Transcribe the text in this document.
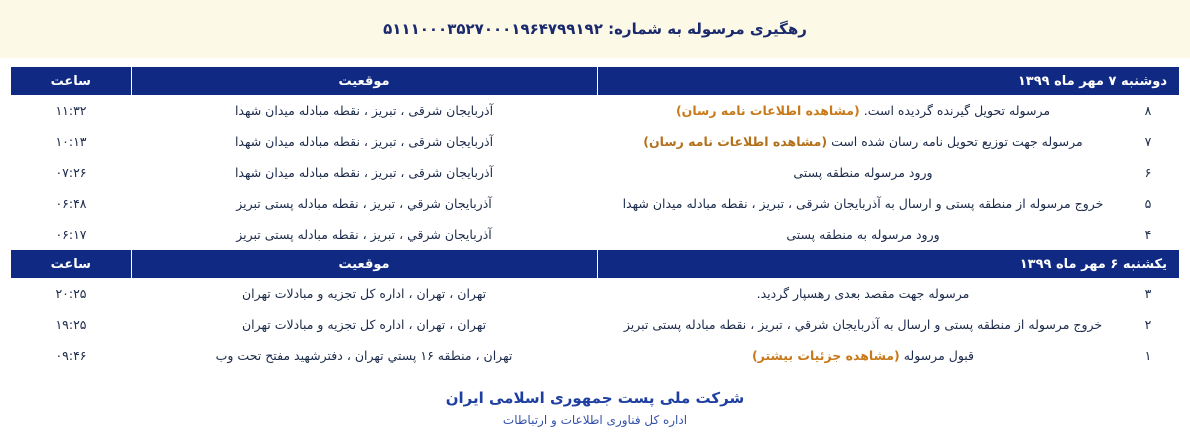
رهگیری مرسوله به شماره: ۵۱۱۱۰۰۰۳۵۲۷۰۰۰۱۹۶۴۷۹۹۱۹۲
دوشنبه ۷ مهر ماه ۱۳۹۹		موقعیت	ساعت
۸	مرسوله تحویل گیرنده گردیده است. (مشاهده اطلاعات نامه رسان)	آذربایجان شرقی ، تبریز ، نقطه مبادله میدان شهدا	۱۱:۳۲
۷	مرسوله جهت توزیع تحویل نامه رسان شده است (مشاهده اطلاعات نامه رسان)	آذربایجان شرقی ، تبریز ، نقطه مبادله میدان شهدا	۱۰:۱۳
۶	ورود مرسوله منطقه پستی	آذربایجان شرقی ، تبریز ، نقطه مبادله میدان شهدا	۰۷:۲۶
۵	خروج مرسوله از منطقه پستی و ارسال به آذربایجان شرقی ، تبریز ، نقطه مبادله میدان شهدا	آذربایجان شرقي ، تبریز ، نقطه مبادله پستی تبریز	۰۶:۴۸
۴	ورود مرسوله به منطقه پستی	آذربایجان شرقي ، تبریز ، نقطه مبادله پستی تبریز	۰۶:۱۷
یکشنبه ۶ مهر ماه ۱۳۹۹		موقعیت	ساعت
۳	مرسوله جهت مقصد بعدی رهسپار گردید.	تهران ، تهران ، اداره کل تجزیه و مبادلات تهران	۲۰:۲۵
۲	خروج مرسوله از منطقه پستی و ارسال به آذربایجان شرقي ، تبریز ، نقطه مبادله پستی تبریز	تهران ، تهران ، اداره کل تجزیه و مبادلات تهران	۱۹:۲۵
۱	قبول مرسوله (مشاهده جزئیات بیشتر)	تهران ، منطقه ۱۶ پستي تهران ، دفترشهید مفتح تحت وب	۰۹:۴۶
شرکت ملی پست جمهوری اسلامی ایران
اداره کل فناوری اطلاعات و ارتباطات
